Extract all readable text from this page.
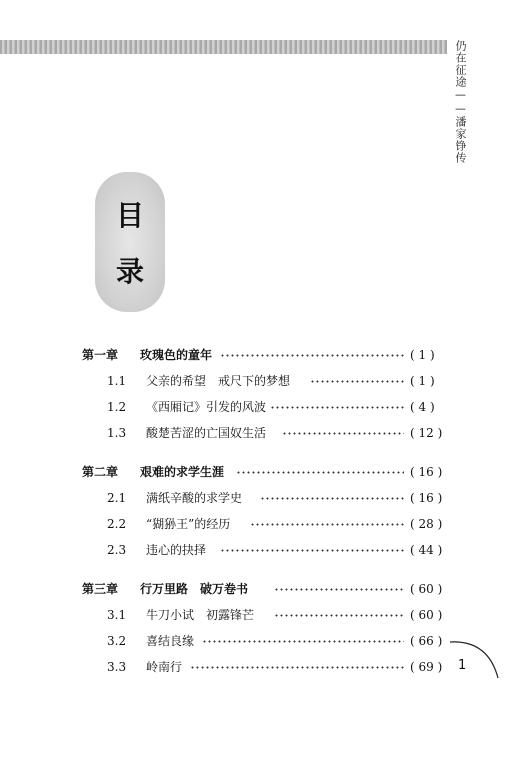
仍在征途——潘家铮传
目
录
第一章 玫瑰色的童年	( 1 )
1.1 父亲的希望　戒尺下的梦想	( 1 )
1.2 《西厢记》引发的风波	( 4 )
1.3 酸楚苦涩的亡国奴生活	( 12 )
第二章 艰难的求学生涯	( 16 )
2.1 满纸辛酸的求学史	( 16 )
2.2 “猢狲王”的经历	( 28 )
2.3 违心的抉择	( 44 )
第三章 行万里路　破万卷书	( 60 )
3.1 牛刀小试　初露锋芒	( 60 )
3.2 喜结良缘	( 66 )
3.3 岭南行	( 69 )	1
